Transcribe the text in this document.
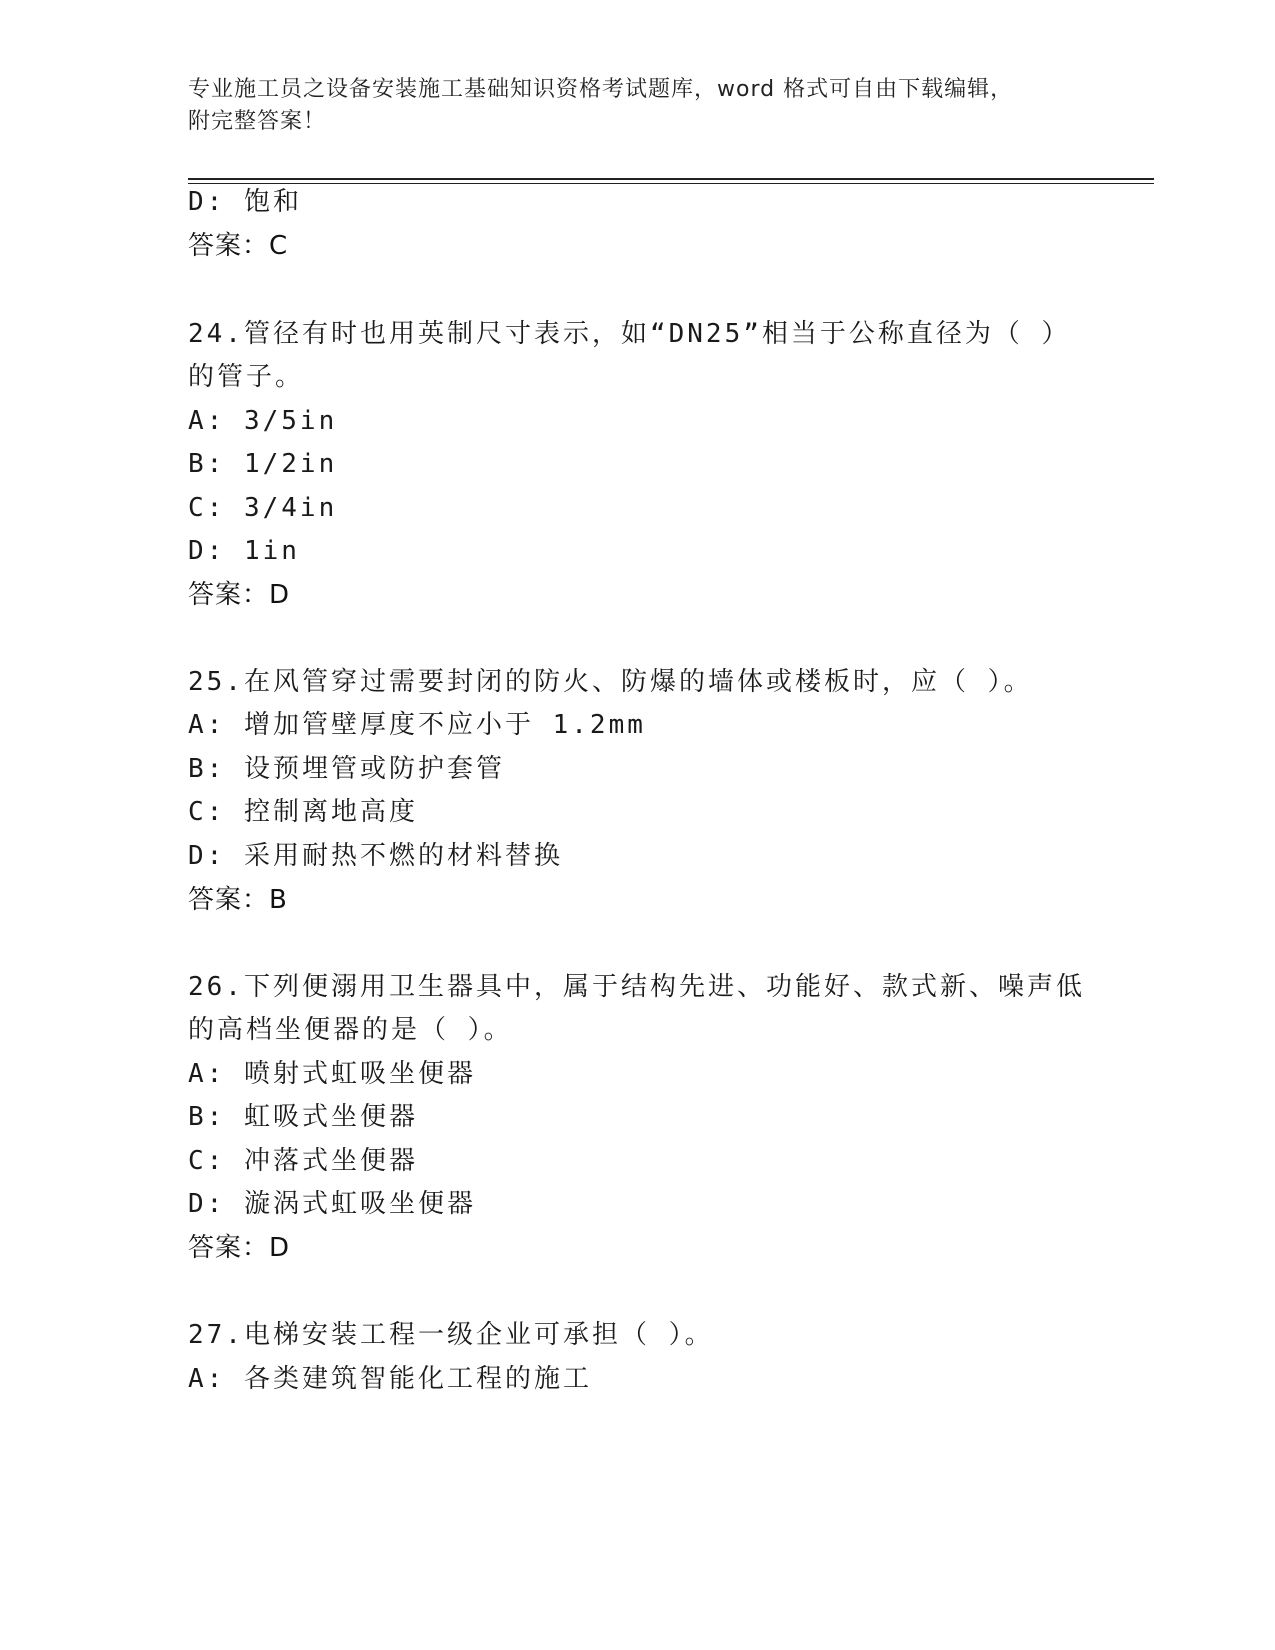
专业施工员之设备安装施工基础知识资格考试题库，word 格式可自由下载编辑，
附完整答案！
D: 饱和
答案：C
24.管径有时也用英制尺寸表示，如“DN25”相当于公称直径为（ ）
的管子。
A: 3/5in
B: 1/2in
C: 3/4in
D: 1in
答案：D
25.在风管穿过需要封闭的防火、防爆的墙体或楼板时，应（ ）。
A: 增加管壁厚度不应小于 1.2mm
B: 设预埋管或防护套管
C: 控制离地高度
D: 采用耐热不燃的材料替换
答案：B
26.下列便溺用卫生器具中，属于结构先进、功能好、款式新、噪声低
的高档坐便器的是（ ）。
A: 喷射式虹吸坐便器
B: 虹吸式坐便器
C: 冲落式坐便器
D: 漩涡式虹吸坐便器
答案：D
27.电梯安装工程一级企业可承担（ ）。
A: 各类建筑智能化工程的施工
